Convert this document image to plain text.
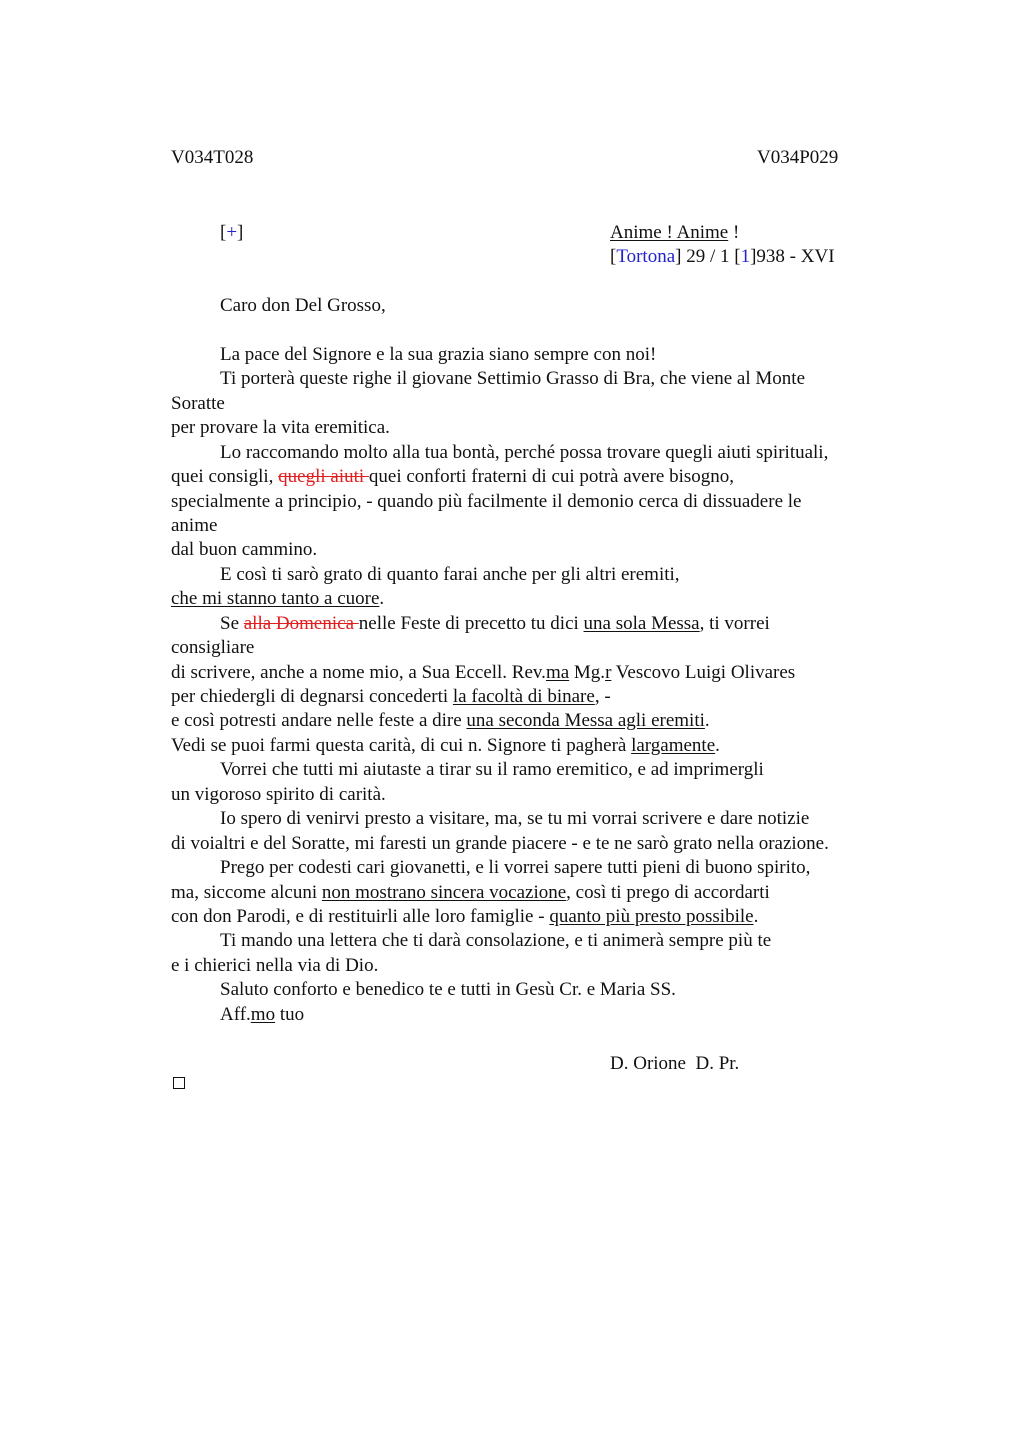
V034T028	V034P029
[+]	Anime ! Anime !
[Tortona] 29 / 1 [1]938 - XVI
Caro don Del Grosso,
La pace del Signore e la sua grazia siano sempre con noi!
Ti porterà queste righe il giovane Settimio Grasso di Bra, che viene al Monte
Soratte
per provare la vita eremitica.
Lo raccomando molto alla tua bontà, perché possa trovare quegli aiuti spirituali,
quei consigli, quegli aiuti quei conforti fraterni di cui potrà avere bisogno,
specialmente a principio, - quando più facilmente il demonio cerca di dissuadere le
anime
dal buon cammino.
E così ti sarò grato di quanto farai anche per gli altri eremiti,
che mi stanno tanto a cuore.
Se alla Domenica nelle Feste di precetto tu dici una sola Messa, ti vorrei
consigliare
di scrivere, anche a nome mio, a Sua Eccell. Rev.ma Mg.r Vescovo Luigi Olivares
per chiedergli di degnarsi concederti la facoltà di binare, -
e così potresti andare nelle feste a dire una seconda Messa agli eremiti.
Vedi se puoi farmi questa carità, di cui n. Signore ti pagherà largamente.
Vorrei che tutti mi aiutaste a tirar su il ramo eremitico, e ad imprimergli
un vigoroso spirito di carità.
Io spero di venirvi presto a visitare, ma, se tu mi vorrai scrivere e dare notizie
di voialtri e del Soratte, mi faresti un grande piacere - e te ne sarò grato nella orazione.
Prego per codesti cari giovanetti, e li vorrei sapere tutti pieni di buono spirito,
ma, siccome alcuni non mostrano sincera vocazione, così ti prego di accordarti
con don Parodi, e di restituirli alle loro famiglie - quanto più presto possibile.
Ti mando una lettera che ti darà consolazione, e ti animerà sempre più te
e i chierici nella via di Dio.
Saluto conforto e benedico te e tutti in Gesù Cr. e Maria SS.
Aff.mo tuo
D. Orione  D. Pr.
